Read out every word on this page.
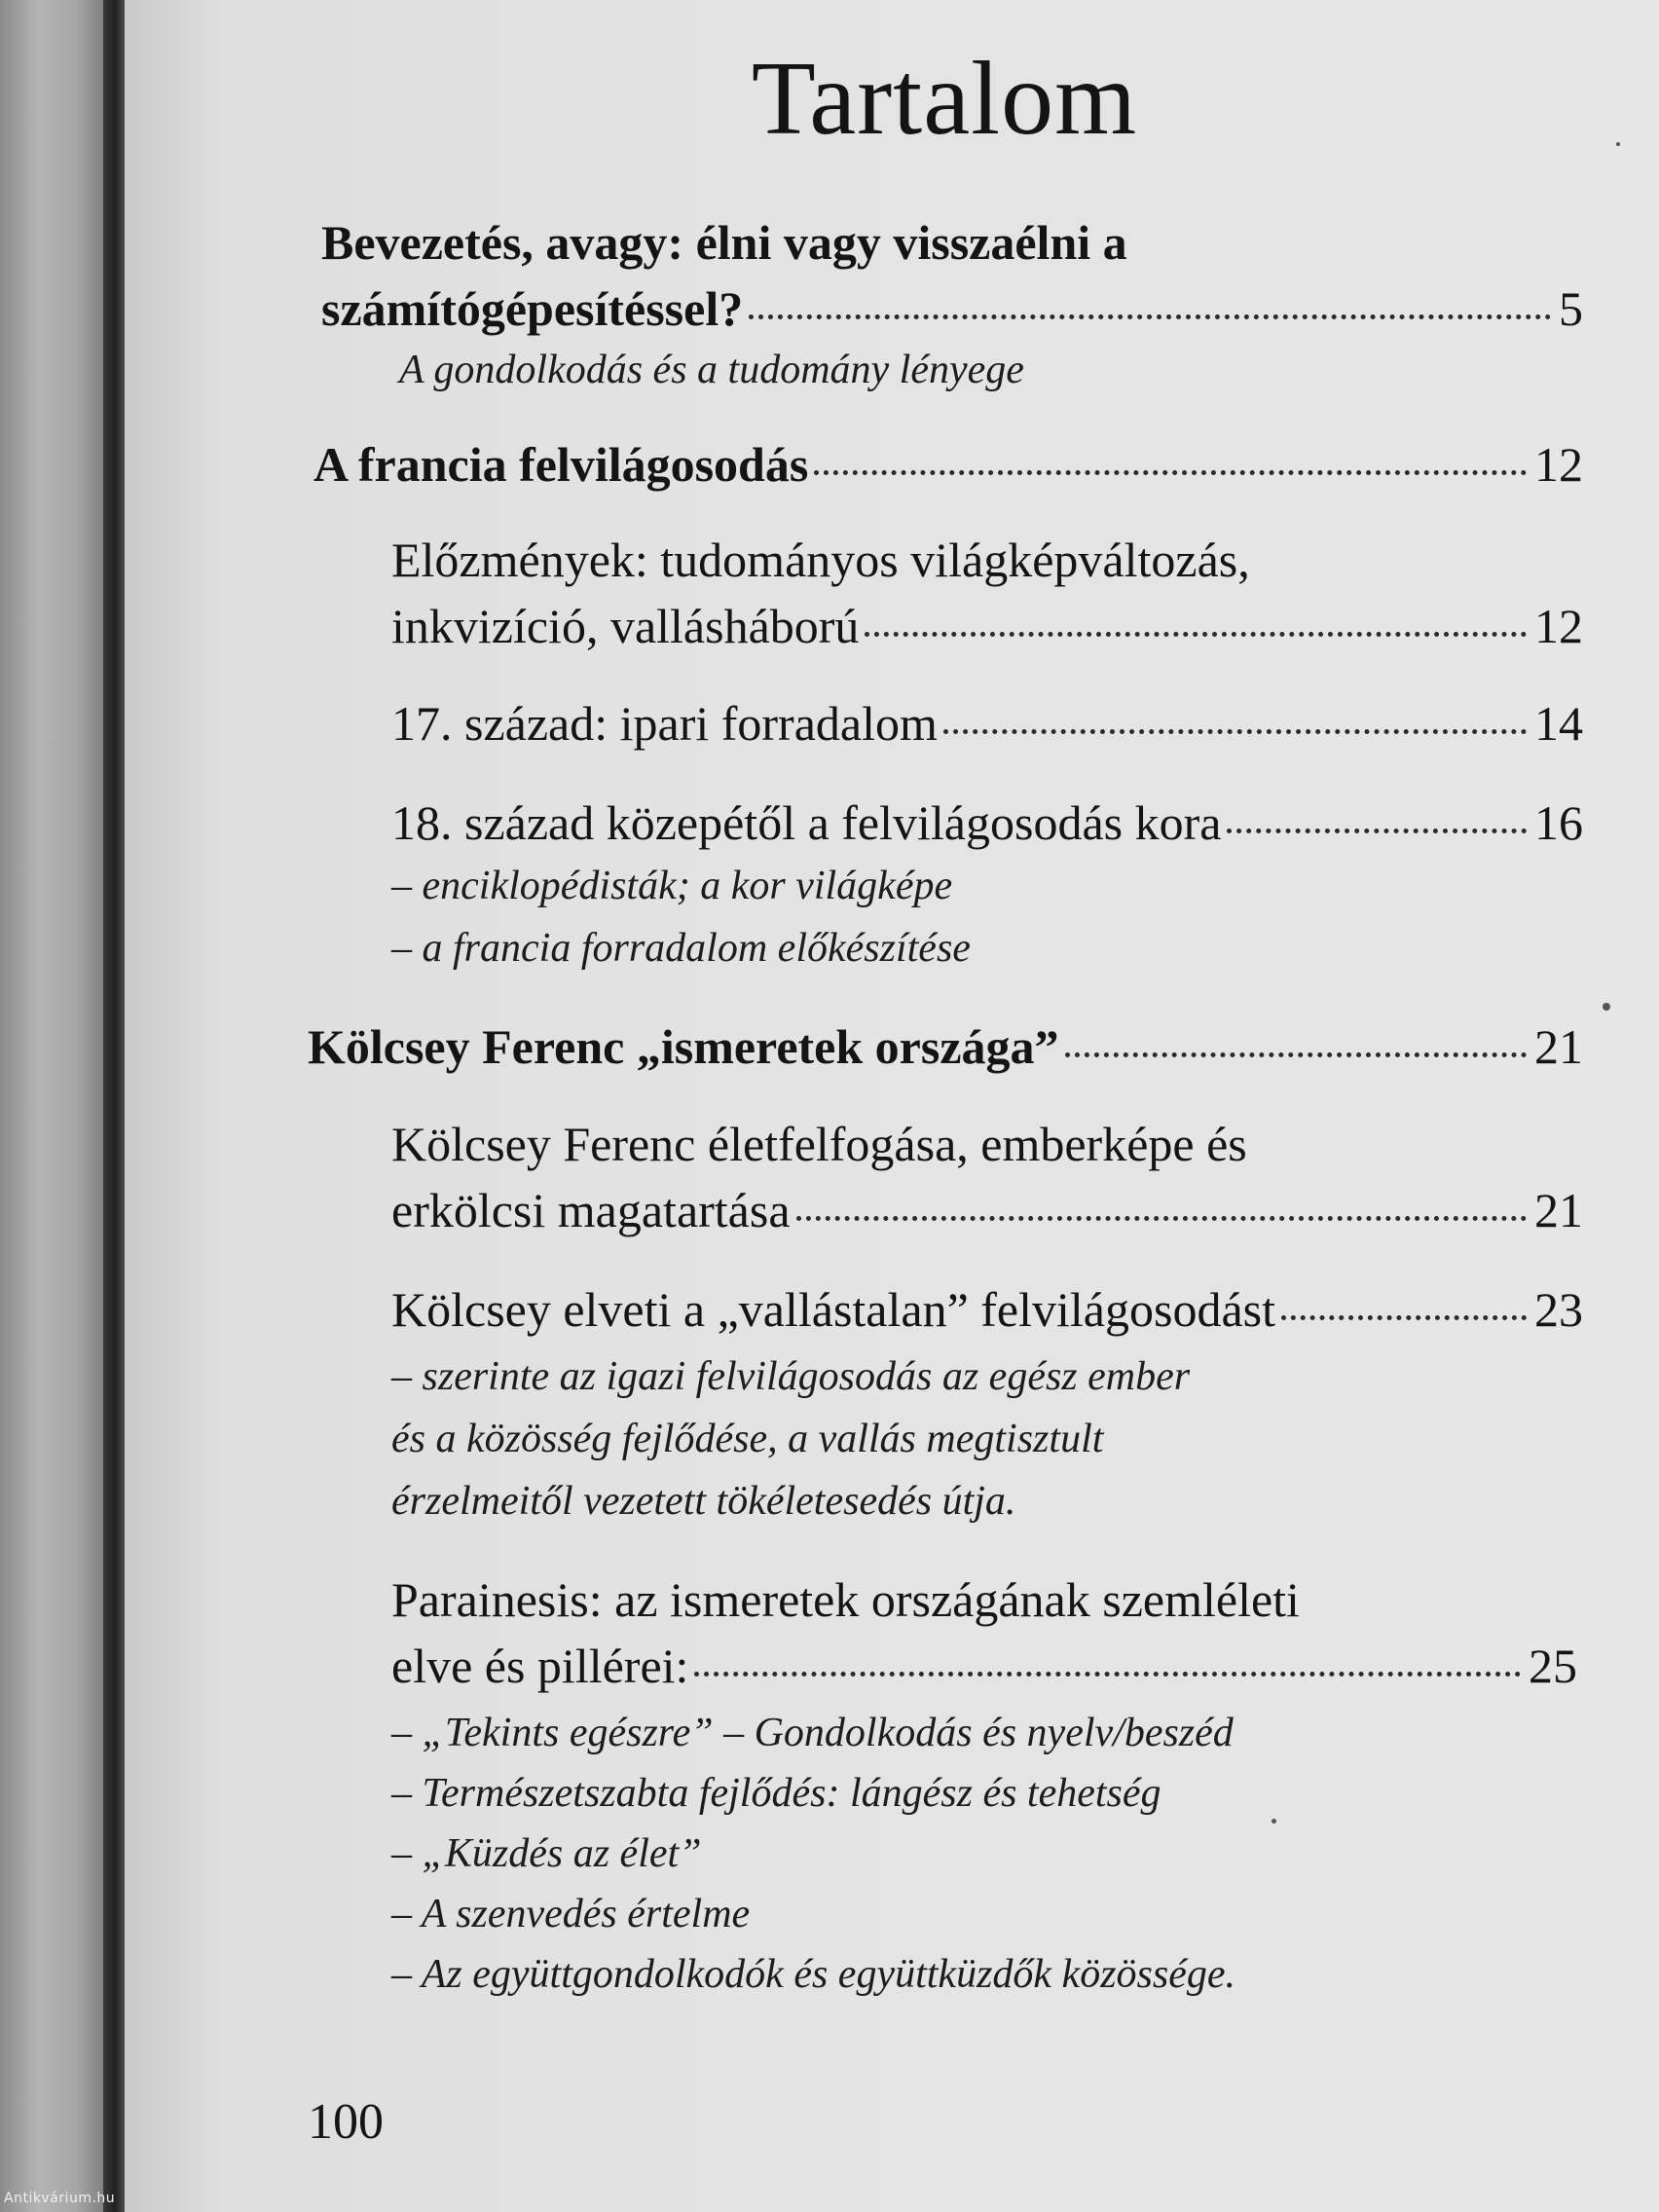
Tartalom
Bevezetés, avagy: élni vagy visszaélni a
számítógépesítéssel?	5
A gondolkodás és a tudomány lényege
A francia felvilágosodás	12
Előzmények: tudományos világképváltozás,
inkvizíció, vallásháború	12
17. század: ipari forradalom	14
18. század közepétől a felvilágosodás kora	16
– enciklopédisták; a kor világképe
– a francia forradalom előkészítése
Kölcsey Ferenc „ismeretek országa”	21
Kölcsey Ferenc életfelfogása, emberképe és
erkölcsi magatartása	21
Kölcsey elveti a „vallástalan” felvilágosodást	23
– szerinte az igazi felvilágosodás az egész ember
és a közösség fejlődése, a vallás megtisztult
érzelmeitől vezetett tökéletesedés útja.
Parainesis: az ismeretek országának szemléleti
elve és pillérei:	25
– „Tekints egészre” – Gondolkodás és nyelv/beszéd
– Természetszabta fejlődés: lángész és tehetség
– „Küzdés az élet”
– A szenvedés értelme
– Az együttgondolkodók és együttküzdők közössége.
100
Antikvárium.hu
